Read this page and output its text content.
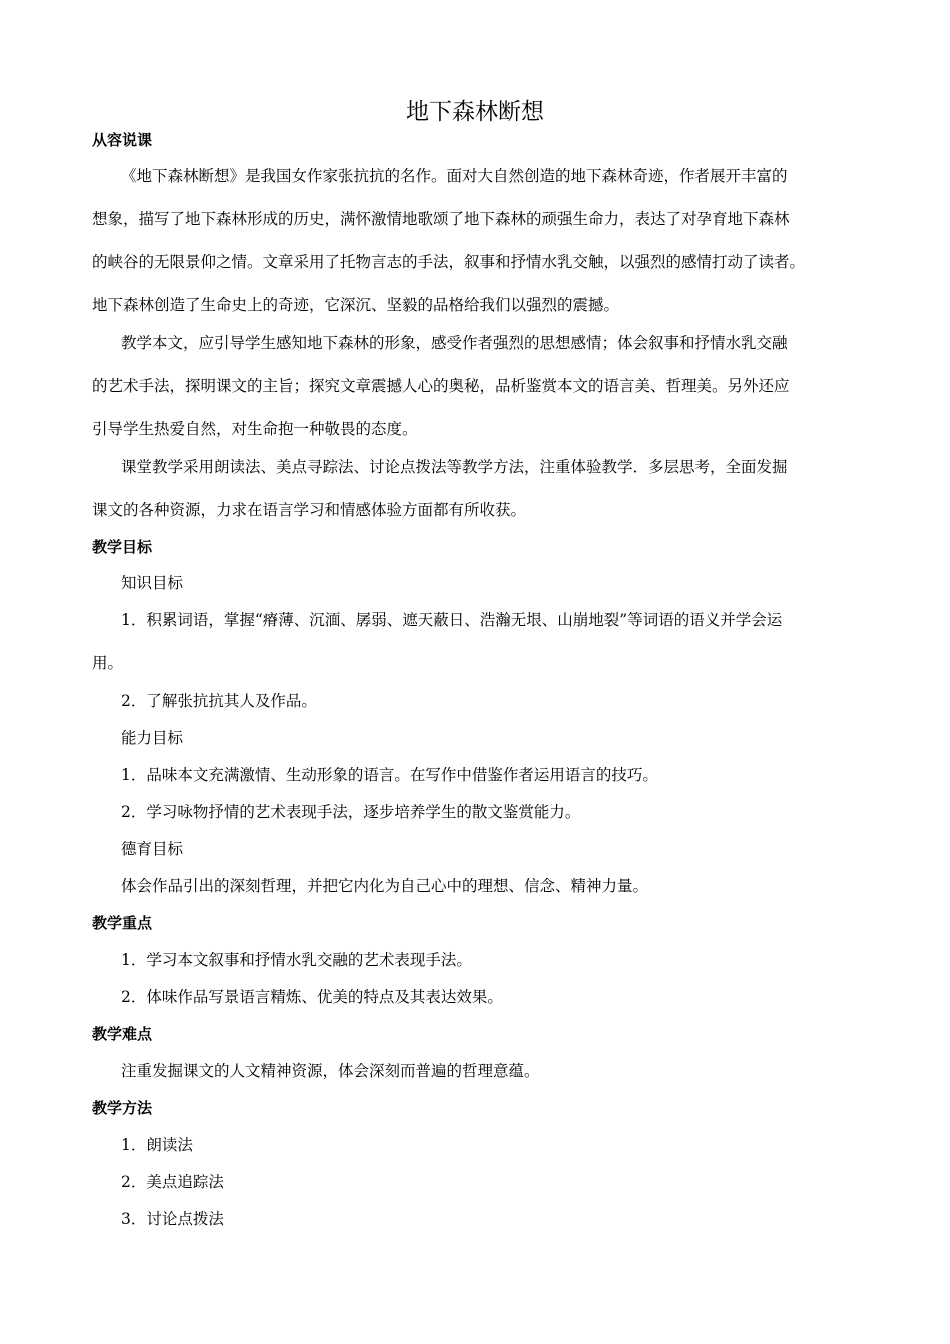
地下森林断想
从容说课
《地下森林断想》是我国女作家张抗抗的名作。面对大自然创造的地下森林奇迹，作者展开丰富的
想象，描写了地下森林形成的历史，满怀激情地歌颂了地下森林的顽强生命力，表达了对孕育地下森林
的峡谷的无限景仰之情。文章采用了托物言志的手法，叙事和抒情水乳交触，以强烈的感情打动了读者。
地下森林创造了生命史上的奇迹，它深沉、坚毅的品格给我们以强烈的震撼。
教学本文，应引导学生感知地下森林的形象，感受作者强烈的思想感情；体会叙事和抒情水乳交融
的艺术手法，探明课文的主旨；探究文章震撼人心的奥秘，品析鉴赏本文的语言美、哲理美。另外还应
引导学生热爱自然，对生命抱一种敬畏的态度。
课堂教学采用朗读法、美点寻踪法、讨论点拨法等教学方法，注重体验教学．多层思考，全面发掘
课文的各种资源，力求在语言学习和情感体验方面都有所收获。
教学目标
知识目标
1．积累词语，掌握“瘠薄、沉湎、孱弱、遮天蔽日、浩瀚无垠、山崩地裂”等词语的语义并学会运
用。
2．了解张抗抗其人及作品。
能力目标
1．品味本文充满激情、生动形象的语言。在写作中借鉴作者运用语言的技巧。
2．学习咏物抒情的艺术表现手法，逐步培养学生的散文鉴赏能力。
德育目标
体会作品引出的深刻哲理，并把它内化为自己心中的理想、信念、精神力量。
教学重点
1．学习本文叙事和抒情水乳交融的艺术表现手法。
2．体味作品写景语言精炼、优美的特点及其表达效果。
教学难点
注重发掘课文的人文精神资源，体会深刻而普遍的哲理意蕴。
教学方法
1．朗读法
2．美点追踪法
3．讨论点拨法
